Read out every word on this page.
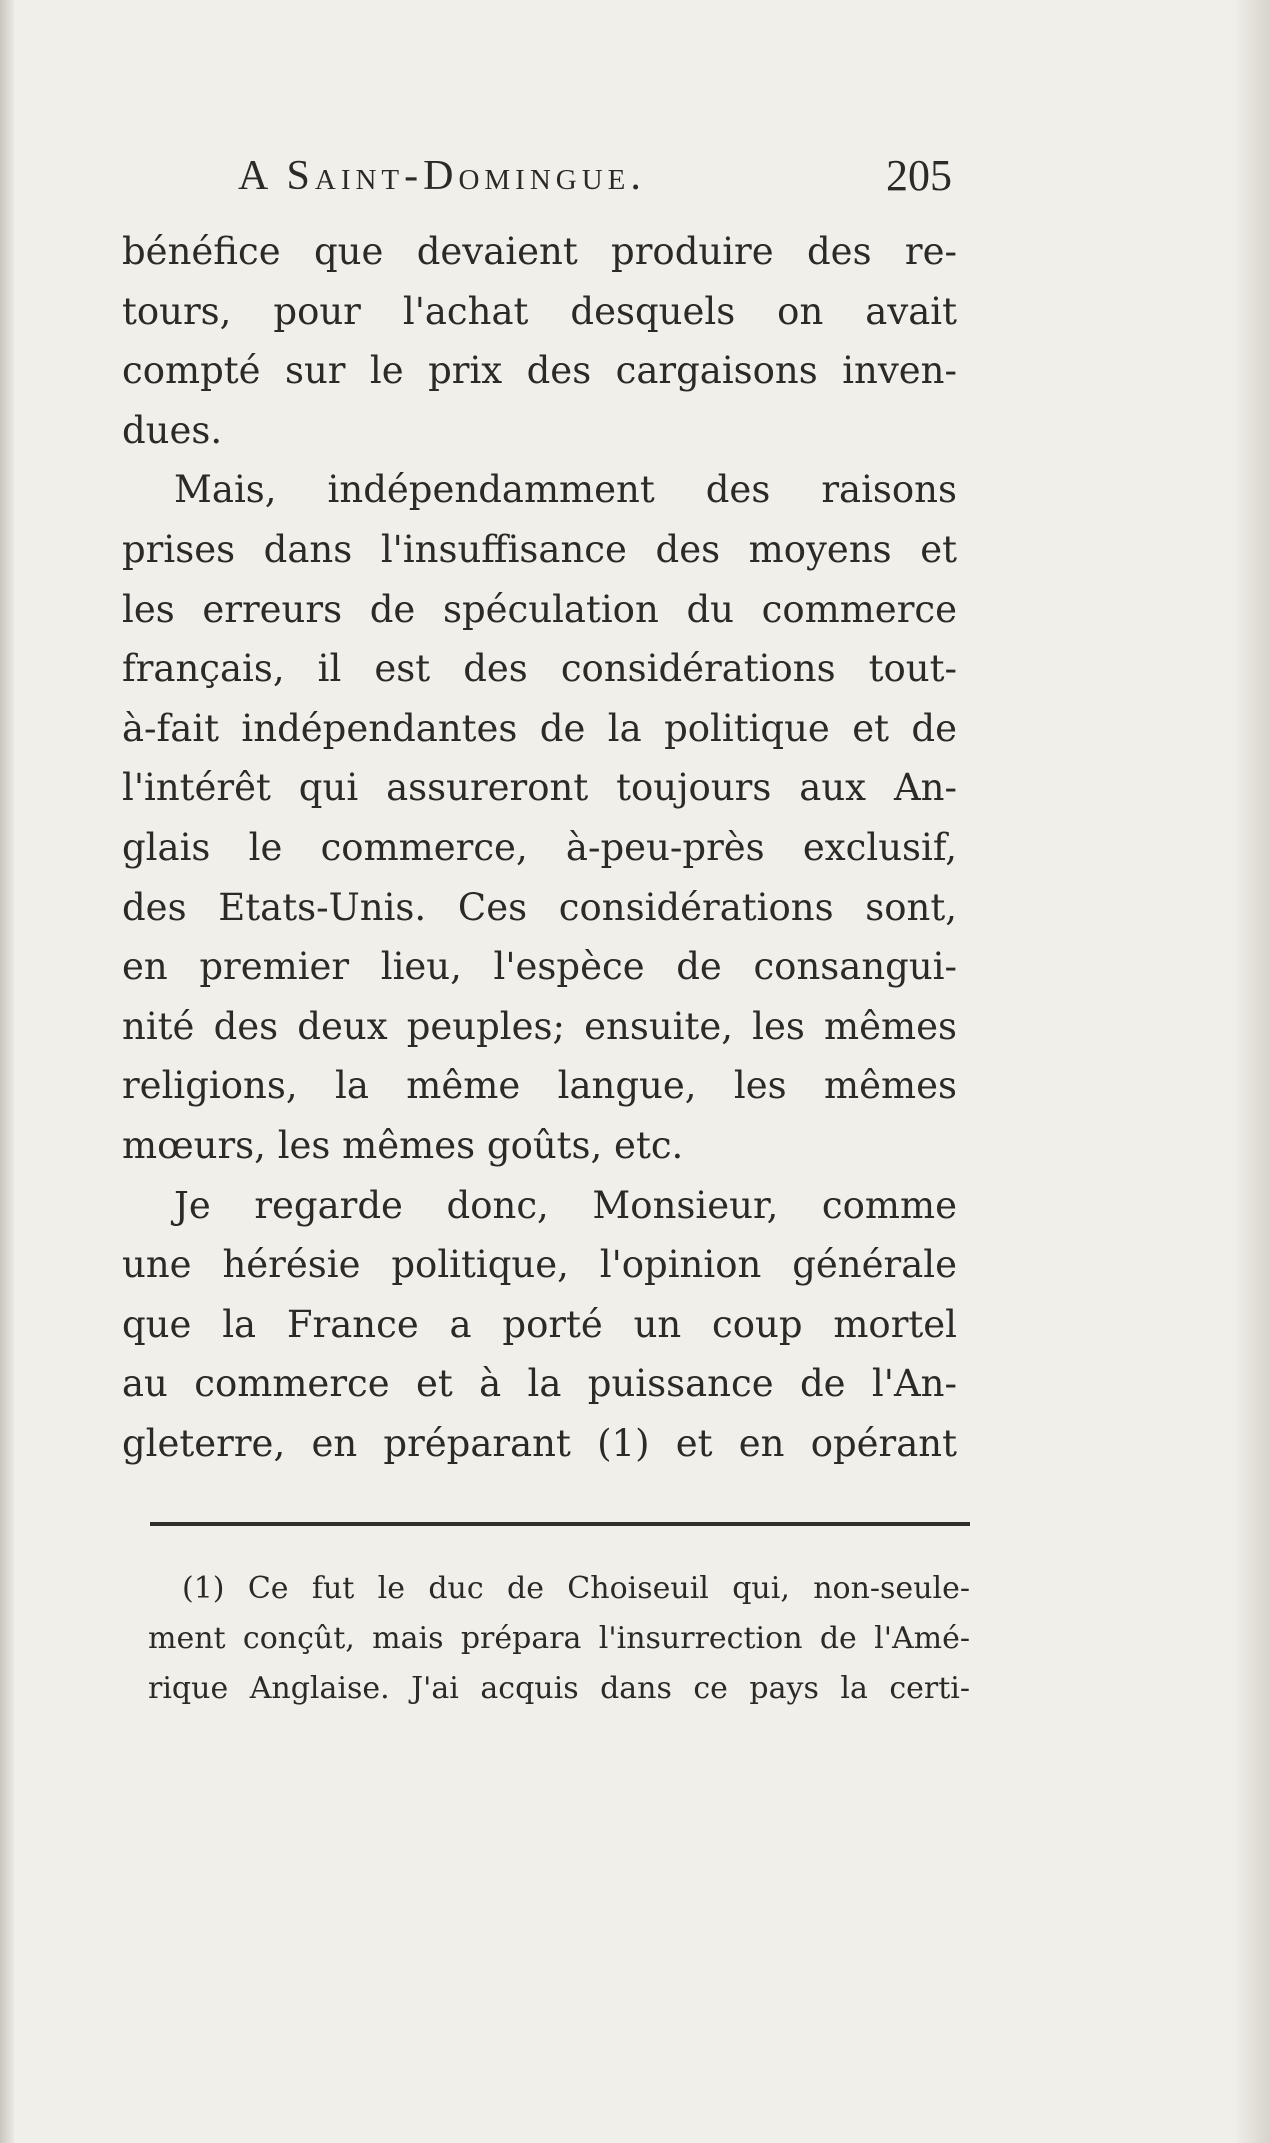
A Saint-Domingue.	205
bénéfice que devaient produire des re-
tours, pour l'achat desquels on avait
compté sur le prix des cargaisons inven-
dues.
Mais, indépendamment des raisons
prises dans l'insuffisance des moyens et
les erreurs de spéculation du commerce
français, il est des considérations tout-
à-fait indépendantes de la politique et de
l'intérêt qui assureront toujours aux An-
glais le commerce, à-peu-près exclusif,
des Etats-Unis. Ces considérations sont,
en premier lieu, l'espèce de consangui-
nité des deux peuples; ensuite, les mêmes
religions, la même langue, les mêmes
mœurs, les mêmes goûts, etc.
Je regarde donc, Monsieur, comme
une hérésie politique, l'opinion générale
que la France a porté un coup mortel
au commerce et à la puissance de l'An-
gleterre, en préparant (1) et en opérant
(1) Ce fut le duc de Choiseuil qui, non-seule-
ment conçût, mais prépara l'insurrection de l'Amé-
rique Anglaise. J'ai acquis dans ce pays la certi-
